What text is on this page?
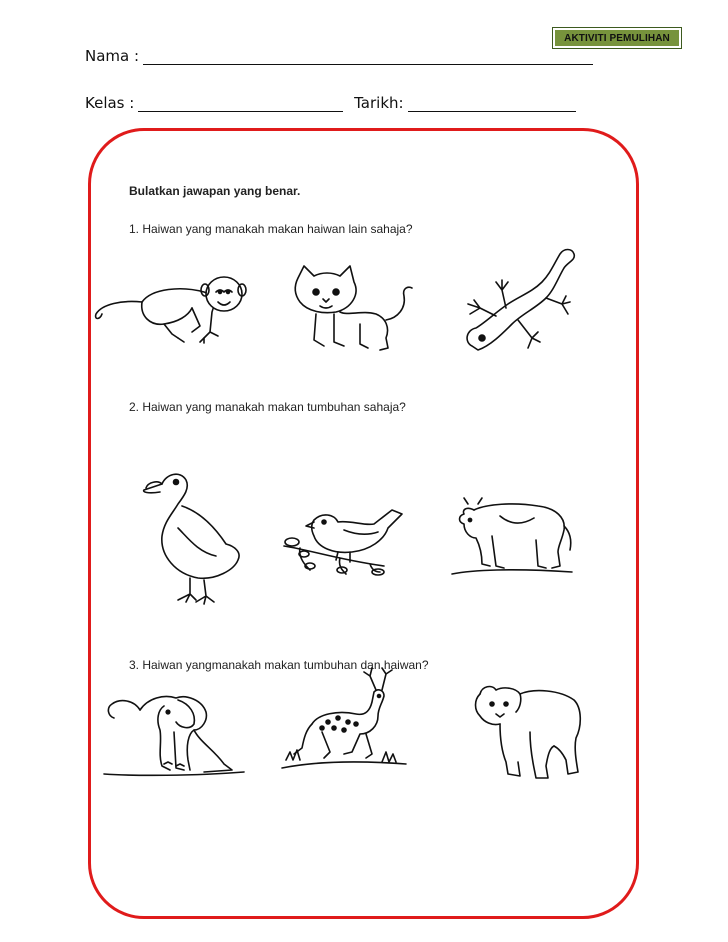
AKTIVITI PEMULIHAN
Nama :
Kelas :	Tarikh:
Bulatkan jawapan yang benar.
1. Haiwan yang manakah makan haiwan lain sahaja?
2. Haiwan yang manakah makan tumbuhan sahaja?
3. Haiwan yangmanakah makan tumbuhan dan haiwan?
